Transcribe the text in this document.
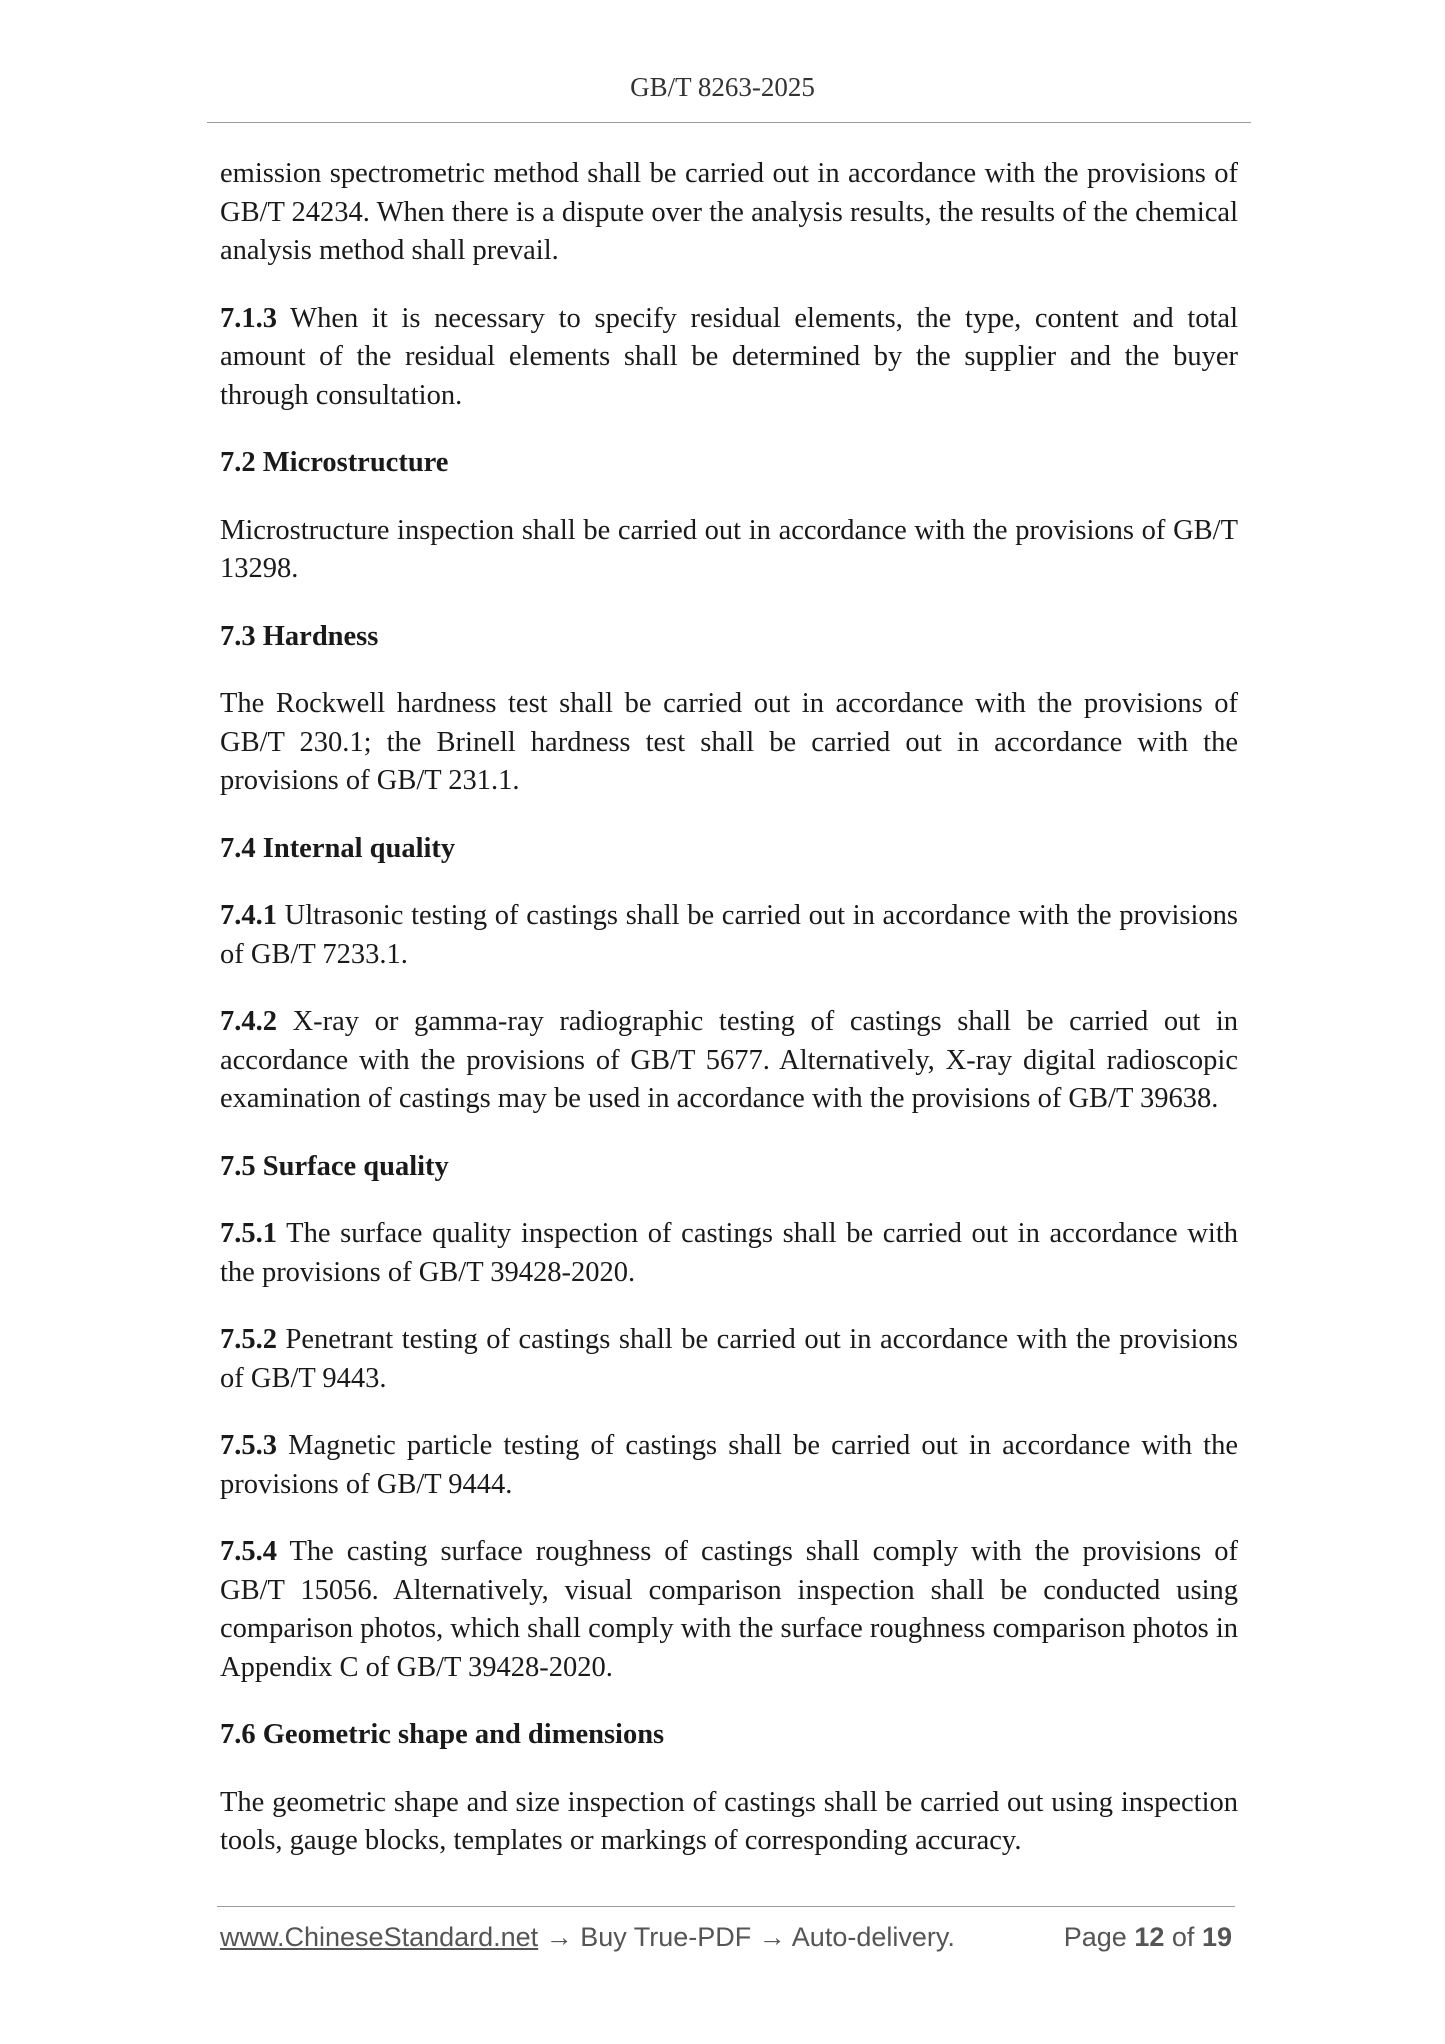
GB/T 8263-2025

emission spectrometric method shall be carried out in accordance with the provisions of GB/T 24234. When there is a dispute over the analysis results, the results of the chemical analysis method shall prevail.

7.1.3 When it is necessary to specify residual elements, the type, content and total amount of the residual elements shall be determined by the supplier and the buyer through consultation.

7.2 Microstructure

Microstructure inspection shall be carried out in accordance with the provisions of GB/T 13298.

7.3 Hardness

The Rockwell hardness test shall be carried out in accordance with the provisions of GB/T 230.1; the Brinell hardness test shall be carried out in accordance with the provisions of GB/T 231.1.

7.4 Internal quality

7.4.1 Ultrasonic testing of castings shall be carried out in accordance with the provisions of GB/T 7233.1.

7.4.2 X-ray or gamma-ray radiographic testing of castings shall be carried out in accordance with the provisions of GB/T 5677. Alternatively, X-ray digital radioscopic examination of castings may be used in accordance with the provisions of GB/T 39638.

7.5 Surface quality

7.5.1 The surface quality inspection of castings shall be carried out in accordance with the provisions of GB/T 39428-2020.

7.5.2 Penetrant testing of castings shall be carried out in accordance with the provisions of GB/T 9443.

7.5.3 Magnetic particle testing of castings shall be carried out in accordance with the provisions of GB/T 9444.

7.5.4 The casting surface roughness of castings shall comply with the provisions of GB/T 15056. Alternatively, visual comparison inspection shall be conducted using comparison photos, which shall comply with the surface roughness comparison photos in Appendix C of GB/T 39428-2020.

7.6 Geometric shape and dimensions

The geometric shape and size inspection of castings shall be carried out using inspection tools, gauge blocks, templates or markings of corresponding accuracy.

www.ChineseStandard.net → Buy True-PDF → Auto-delivery.	Page 12 of 19
